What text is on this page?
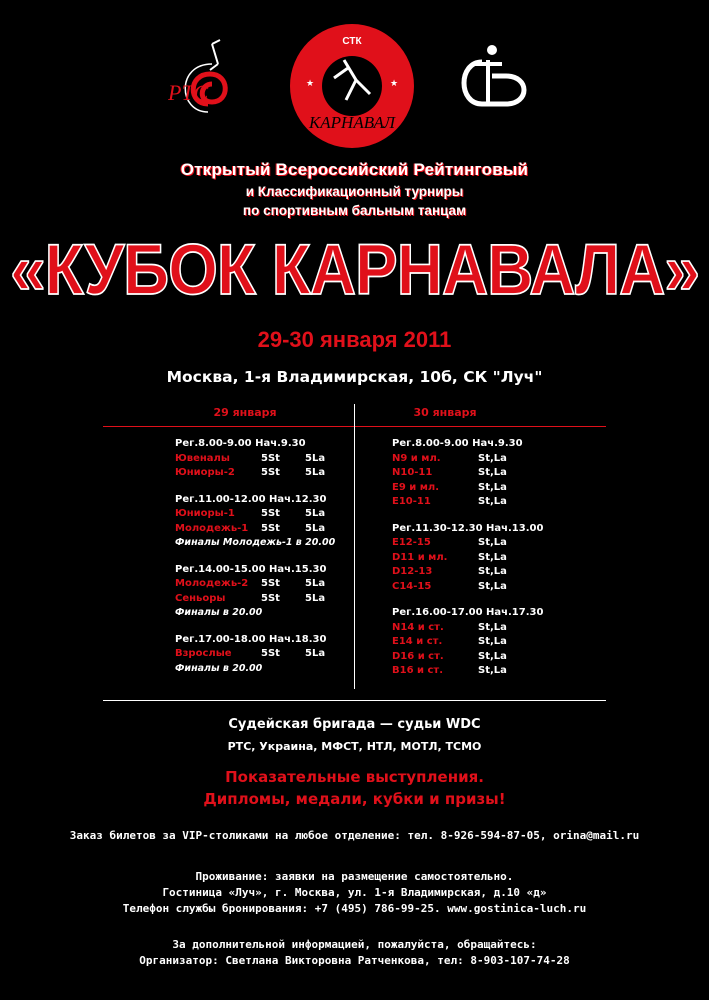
РТС
СТК
КАРНАВАЛ
★	★
СТБ
Открытый Всероссийский Рейтинговый
и Классификационный турниры
по спортивным бальным танцам
«КУБОК КАРНАВАЛА»
29-30 января 2011
Москва, 1-я Владимирская, 10б, СК "Луч"
29 января	30 января
Рег.8.00-9.00 Нач.9.30
Ювеналы	5St	5La
Юниоры-2	5St	5La
Рег.11.00-12.00 Нач.12.30
Юниоры-1	5St	5La
Молодежь-1 5St	5La
Финалы Молодежь-1 в 20.00
Рег.14.00-15.00 Нач.15.30
Молодежь-2 5St	5La
Сеньоры	5St	5La
Финалы в 20.00
Рег.17.00-18.00 Нач.18.30
Взрослые	5St	5La
Финалы в 20.00
Рег.8.00-9.00 Нач.9.30
N9 и мл.	St,La
N10-11	St,La
E9 и мл.	St,La
E10-11	St,La
Рег.11.30-12.30 Нач.13.00
E12-15	St,La
D11 и мл.	St,La
D12-13	St,La
C14-15	St,La
Рег.16.00-17.00 Нач.17.30
N14 и ст.	St,La
E14 и ст.	St,La
D16 и ст.	St,La
B16 и ст.	St,La
Судейская бригада — судьи WDC
РТС, Украина, МФСТ, НТЛ, МОТЛ, ТСМО
Показательные выступления.
Дипломы, медали, кубки и призы!
Заказ билетов за VIP-столиками на любое отделение: тел. 8-926-594-87-05, orina@mail.ru
Проживание: заявки на размещение самостоятельно.
Гостиница «Луч», г. Москва, ул. 1-я Владимирская, д.10 «д»
Телефон службы бронирования: +7 (495) 786-99-25. www.gostinica-luch.ru
За дополнительной информацией, пожалуйста, обращайтесь:
Организатор: Светлана Викторовна Ратченкова, тел: 8-903-107-74-28
